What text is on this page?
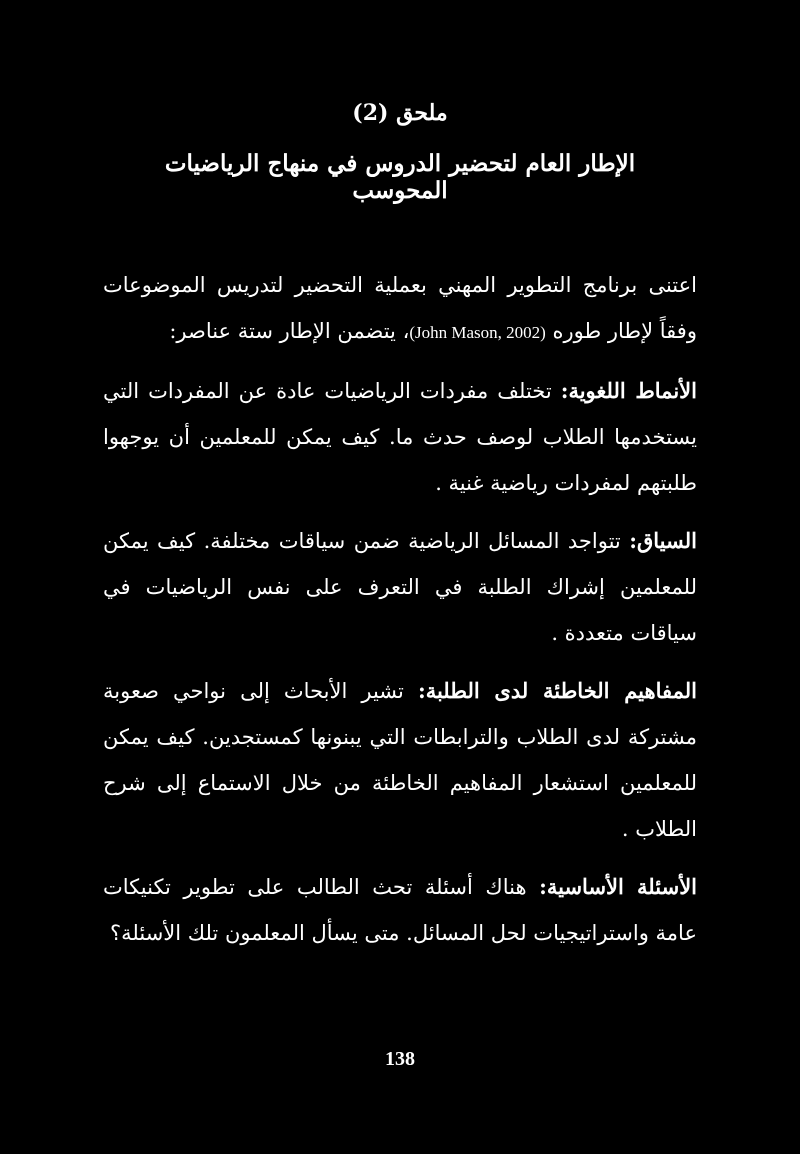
ملحق (2)
الإطار العام لتحضير الدروس في منهاج الرياضيات المحوسب

اعتنى برنامج التطوير المهني بعملية التحضير لتدريس الموضوعات وفقاً لإطار طوره (John Mason, 2002)، يتضمن الإطار ستة عناصر:

الأنماط اللغوية: تختلف مفردات الرياضيات عادة عن المفردات التي يستخدمها الطلاب لوصف حدث ما. كيف يمكن للمعلمين أن يوجهوا طلبتهم لمفردات رياضية غنية .

السياق: تتواجد المسائل الرياضية ضمن سياقات مختلفة. كيف يمكن للمعلمين إشراك الطلبة في التعرف على نفس الرياضيات في سياقات متعددة .

المفاهيم الخاطئة لدى الطلبة: تشير الأبحاث إلى نواحي صعوبة مشتركة لدى الطلاب والترابطات التي يبنونها كمستجدين. كيف يمكن للمعلمين استشعار المفاهيم الخاطئة من خلال الاستماع إلى شرح الطلاب .

الأسئلة الأساسية: هناك أسئلة تحث الطالب على تطوير تكنيكات عامة واستراتيجيات لحل المسائل. متى يسأل المعلمون تلك الأسئلة؟

138
